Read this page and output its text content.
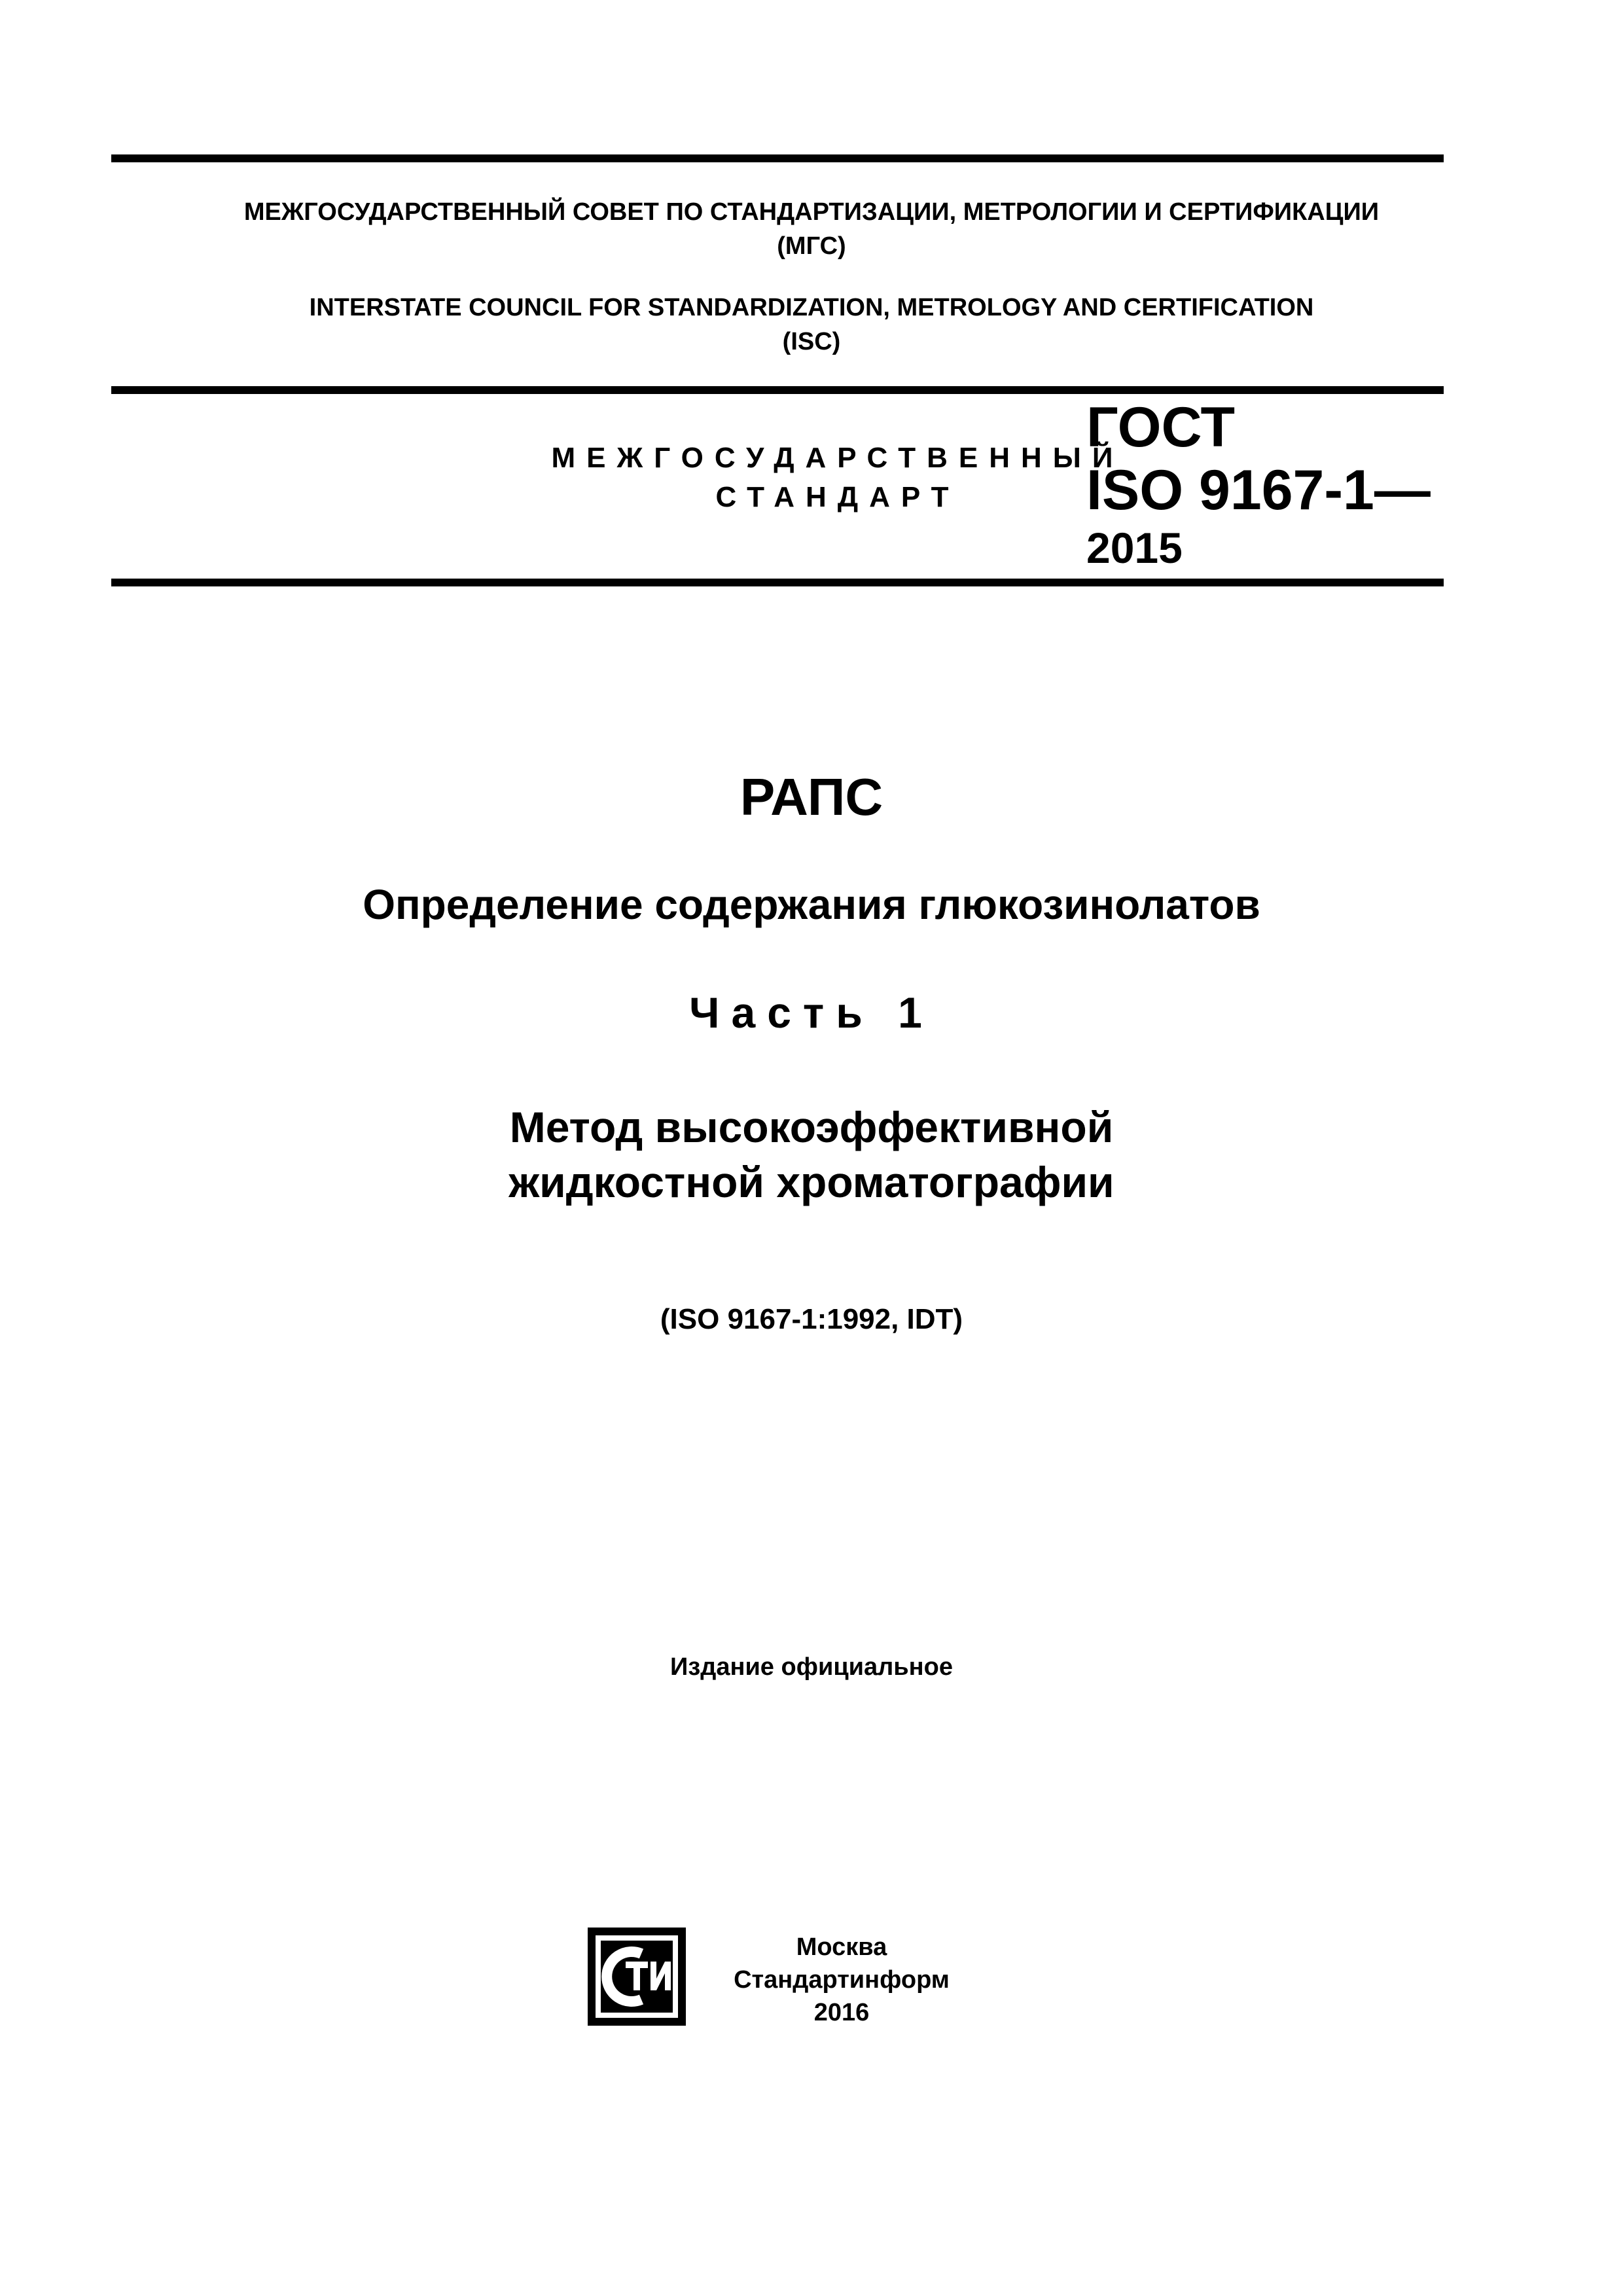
МЕЖГОСУДАРСТВЕННЫЙ СОВЕТ ПО СТАНДАРТИЗАЦИИ, МЕТРОЛОГИИ И СЕРТИФИКАЦИИ
(МГС)
INTERSTATE COUNCIL FOR STANDARDIZATION, METROLOGY AND CERTIFICATION
(ISC)
МЕЖГОСУДАРСТВЕННЫЙ
СТАНДАРТ
ГОСТ
ISO 9167-1—
2015
РАПС
Определение содержания глюкозинолатов
Часть 1
Метод высокоэффективной
жидкостной хроматографии
(ISO 9167-1:1992, IDT)
Издание официальное
Москва
Стандартинформ
2016
